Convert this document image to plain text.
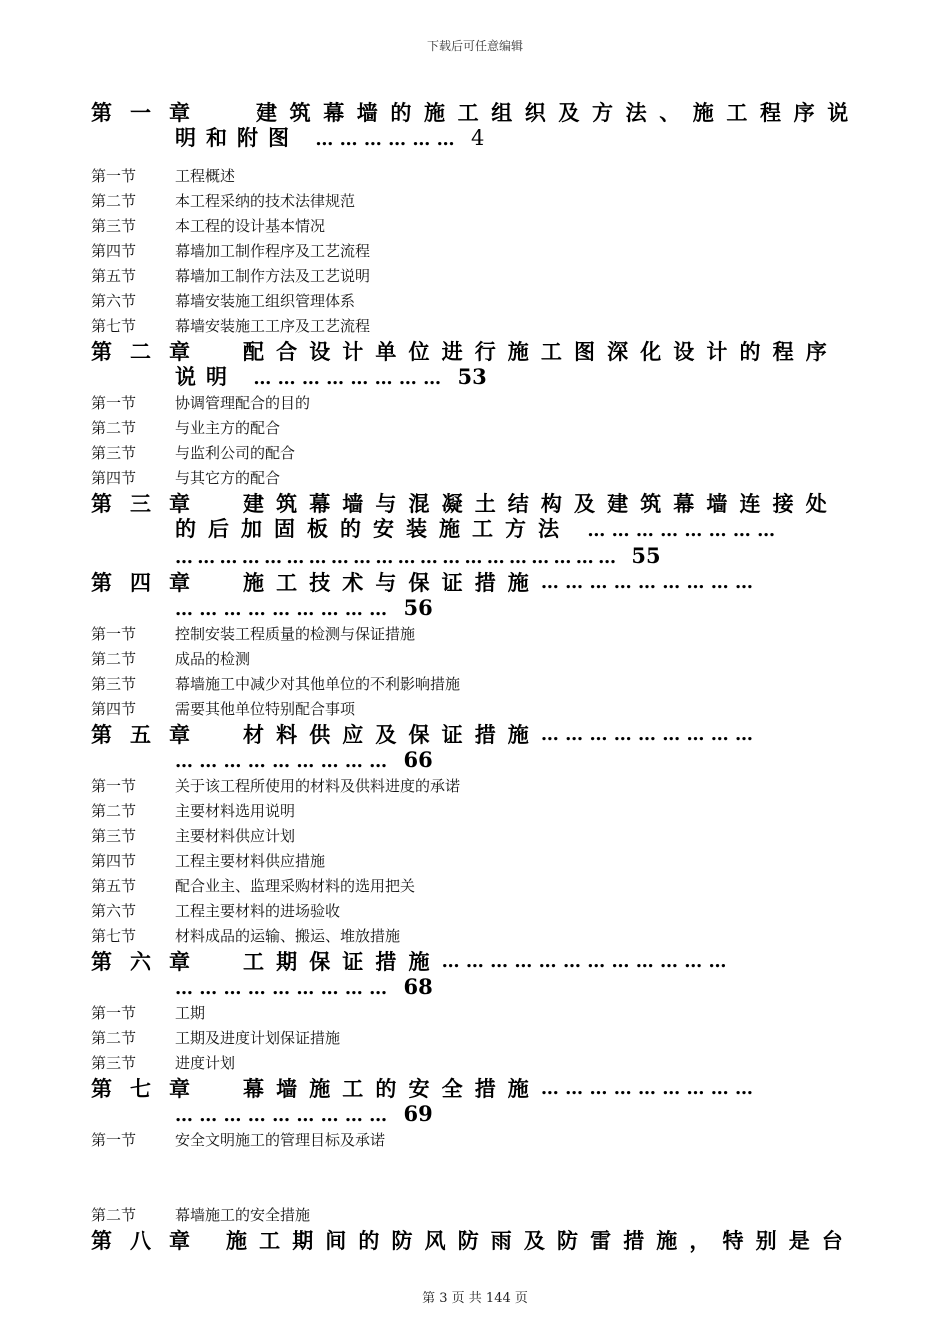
下载后可任意编辑
第一章	建筑幕墙的施工组织及方法、施工程序说
明和附图 … … … … … … 4
第一节	工程概述
第二节	本工程采纳的技术法律规范
第三节	本工程的设计基本情况
第四节	幕墙加工制作程序及工艺流程
第五节	幕墙加工制作方法及工艺说明
第六节	幕墙安装施工组织管理体系
第七节	幕墙安装施工工序及工艺流程
第二章	配合设计单位进行施工图深化设计的程序
说明 … … … … … … … … 53
第一节	协调管理配合的目的
第二节	与业主方的配合
第三节	与监利公司的配合
第四节	与其它方的配合
第三章	建筑幕墙与混凝土结构及建筑幕墙连接处
的后加固板的安装施工方法 … … … … … … … …
… … … … … … … … … … … … … … … … … … … … 55
第四章	施工技术与保证措施 … … … … … … … … …
… … … … … … … … … 56
第一节	控制安装工程质量的检测与保证措施
第二节	成品的检测
第三节	幕墙施工中减少对其他单位的不利影响措施
第四节	需要其他单位特别配合事项
第五章	材料供应及保证措施 … … … … … … … … …
… … … … … … … … … 66
第一节	关于该工程所使用的材料及供料进度的承诺
第二节	主要材料选用说明
第三节	主要材料供应计划
第四节	工程主要材料供应措施
第五节	配合业主、监理采购材料的选用把关
第六节	工程主要材料的进场验收
第七节	材料成品的运输、搬运、堆放措施
第六章	工期保证措施 … … … … … … … … … … … …
… … … … … … … … … 68
第一节	工期
第二节	工期及进度计划保证措施
第三节	进度计划
第七章	幕墙施工的安全措施 … … … … … … … … …
… … … … … … … … … 69
第一节	安全文明施工的管理目标及承诺
第二节	幕墙施工的安全措施
第八章 施工期间的防风防雨及防雷措施，特别是台
第 3 页 共 144 页
